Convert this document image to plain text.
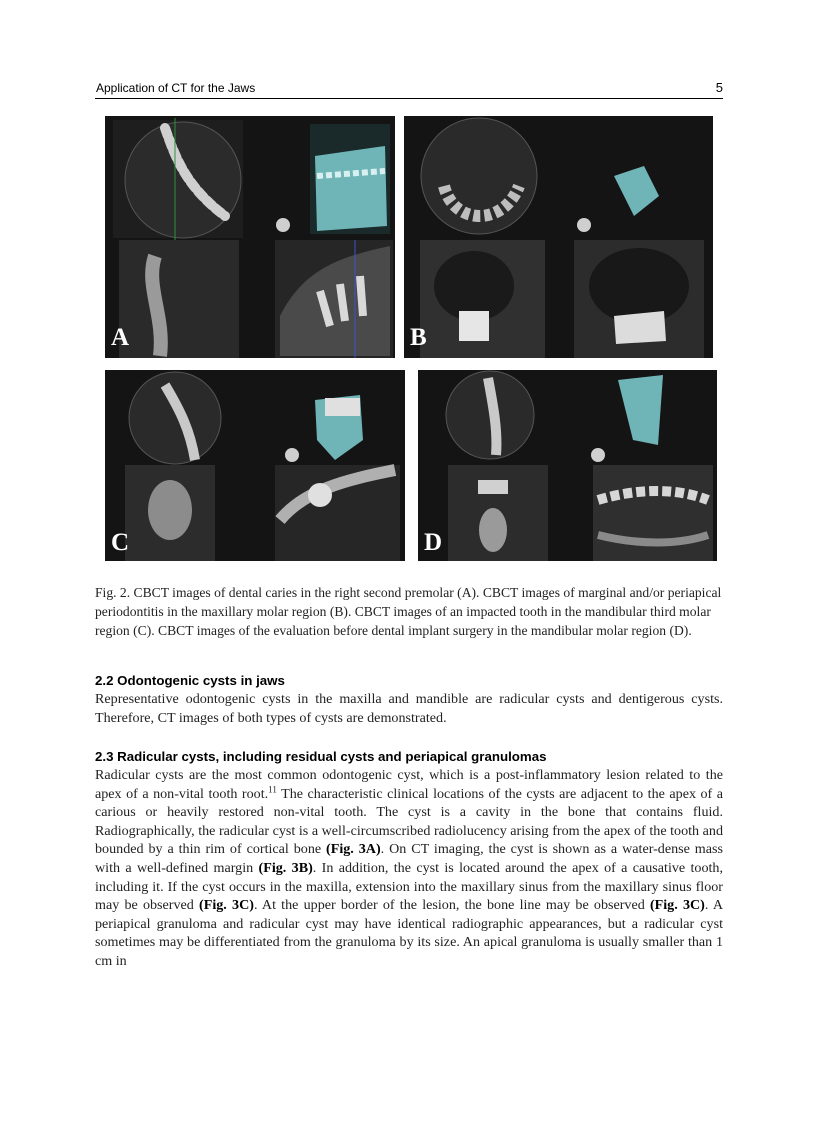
Application of CT for the Jaws	5
A	B
C	D

Fig. 2. CBCT images of dental caries in the right second premolar (A). CBCT images of marginal and/or periapical periodontitis in the maxillary molar region (B). CBCT images of an impacted tooth in the mandibular third molar region (C). CBCT images of the evaluation before dental implant surgery in the mandibular molar region (D).

2.2 Odontogenic cysts in jaws

Representative odontogenic cysts in the maxilla and mandible are radicular cysts and dentigerous cysts. Therefore, CT images of both types of cysts are demonstrated.

2.3 Radicular cysts, including residual cysts and periapical granulomas

Radicular cysts are the most common odontogenic cyst, which is a post-inflammatory lesion related to the apex of a non-vital tooth root.$^{11}$ The characteristic clinical locations of the cysts are adjacent to the apex of a carious or heavily restored non-vital tooth. The cyst is a cavity in the bone that contains fluid. Radiographically, the radicular cyst is a well-circumscribed radiolucency arising from the apex of the tooth and bounded by a thin rim of cortical bone (Fig. 3A). On CT imaging, the cyst is shown as a water-dense mass with a well-defined margin (Fig. 3B). In addition, the cyst is located around the apex of a causative tooth, including it. If the cyst occurs in the maxilla, extension into the maxillary sinus from the maxillary sinus floor may be observed (Fig. 3C). At the upper border of the lesion, the bone line may be observed (Fig. 3C). A periapical granuloma and radicular cyst may have identical radiographic appearances, but a radicular cyst sometimes may be differentiated from the granuloma by its size. An apical granuloma is usually smaller than 1 cm in
